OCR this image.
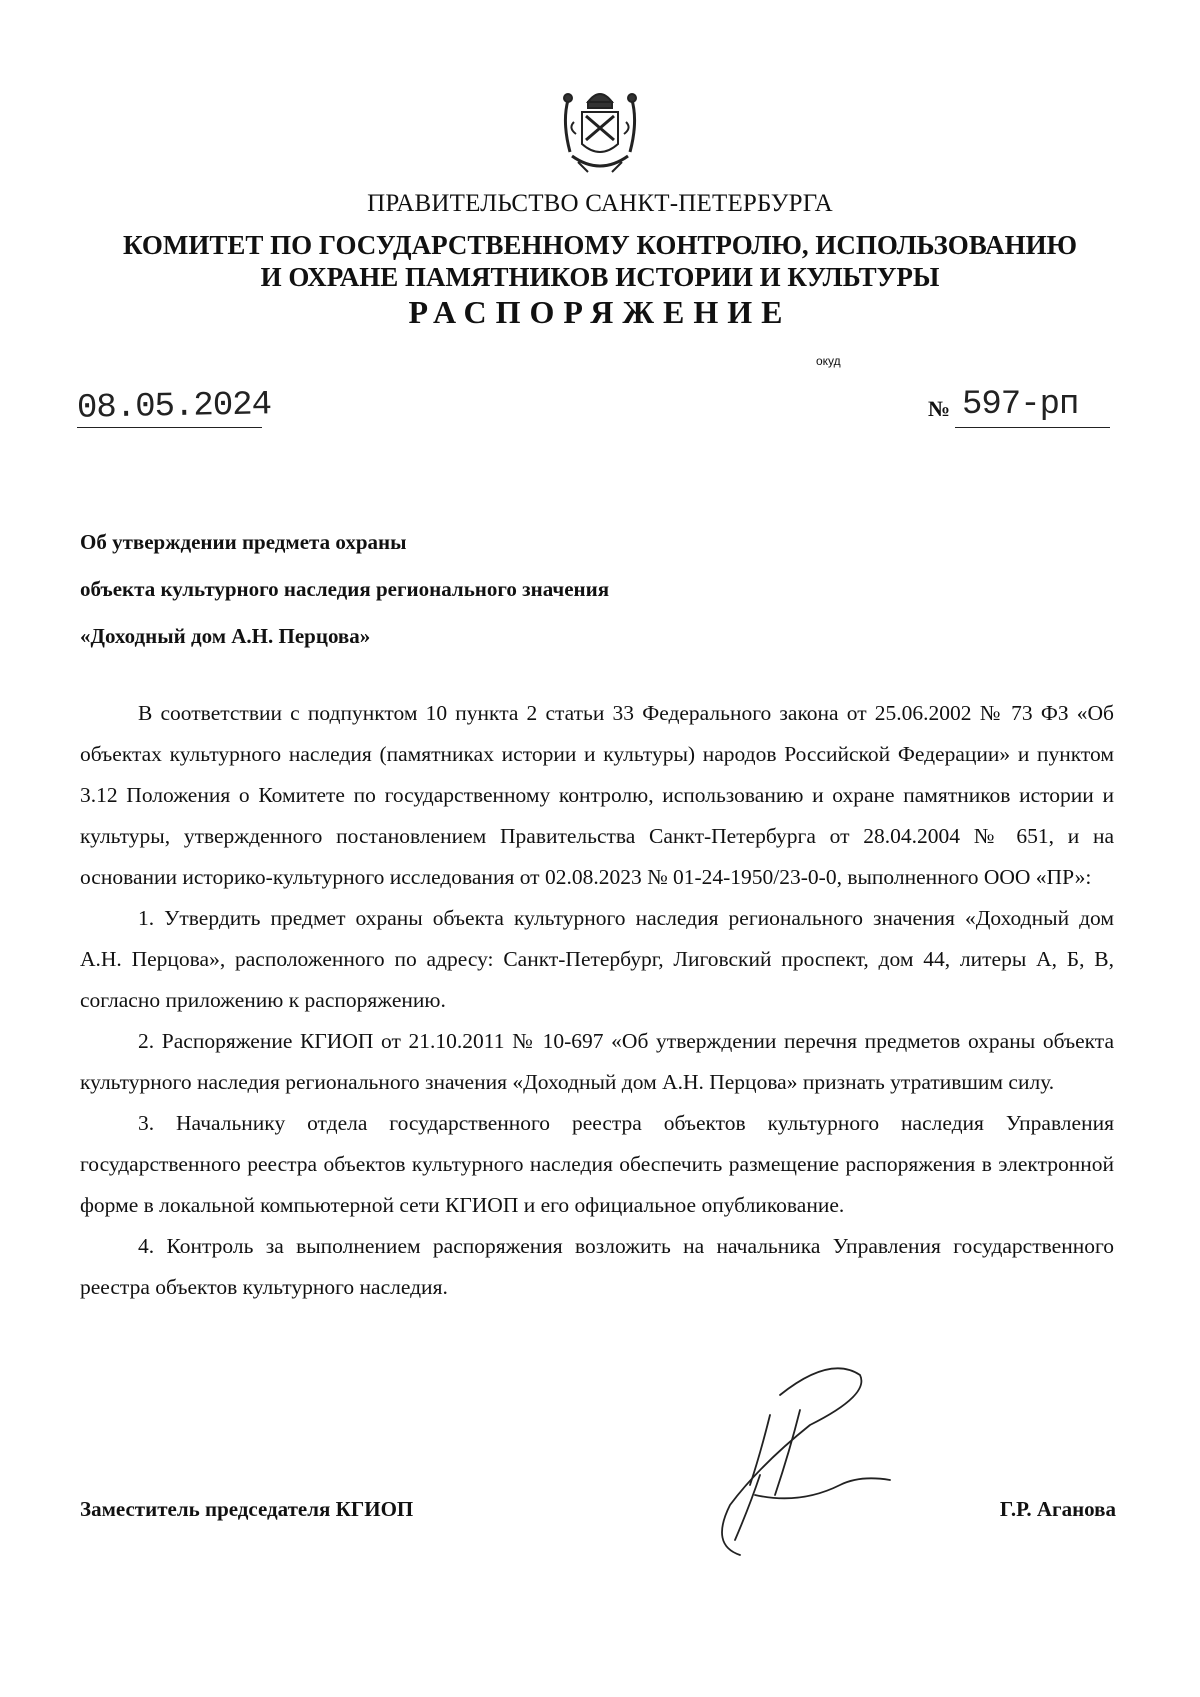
ПРАВИТЕЛЬСТВО САНКТ-ПЕТЕРБУРГА
КОМИТЕТ ПО ГОСУДАРСТВЕННОМУ КОНТРОЛЮ, ИСПОЛЬЗОВАНИЮ
И ОХРАНЕ ПАМЯТНИКОВ ИСТОРИИ И КУЛЬТУРЫ
РАСПОРЯЖЕНИЕ
окуд
08.05.2024	№ 597-рп
Об утверждении предмета охраны
объекта культурного наследия регионального значения
«Доходный дом А.Н. Перцова»

В соответствии с подпунктом 10 пункта 2 статьи 33 Федерального закона от 25.06.2002 № 73 ФЗ «Об объектах культурного наследия (памятниках истории и культуры) народов Российской Федерации» и пунктом 3.12 Положения о Комитете по государственному контролю, использованию и охране памятников истории и культуры, утвержденного постановлением Правительства Санкт-Петербурга от 28.04.2004 № 651, и на основании историко-культурного исследования от 02.08.2023 № 01-24-1950/23-0-0, выполненного ООО «ПР»:

1. Утвердить предмет охраны объекта культурного наследия регионального значения «Доходный дом А.Н. Перцова», расположенного по адресу: Санкт-Петербург, Лиговский проспект, дом 44, литеры А, Б, В, согласно приложению к распоряжению.

2. Распоряжение КГИОП от 21.10.2011 № 10-697 «Об утверждении перечня предметов охраны объекта культурного наследия регионального значения «Доходный дом А.Н. Перцова» признать утратившим силу.

3. Начальнику отдела государственного реестра объектов культурного наследия Управления государственного реестра объектов культурного наследия обеспечить размещение распоряжения в электронной форме в локальной компьютерной сети КГИОП и его официальное опубликование.

4. Контроль за выполнением распоряжения возложить на начальника Управления государственного реестра объектов культурного наследия.

Заместитель председателя КГИОП	Г.Р. Аганова
